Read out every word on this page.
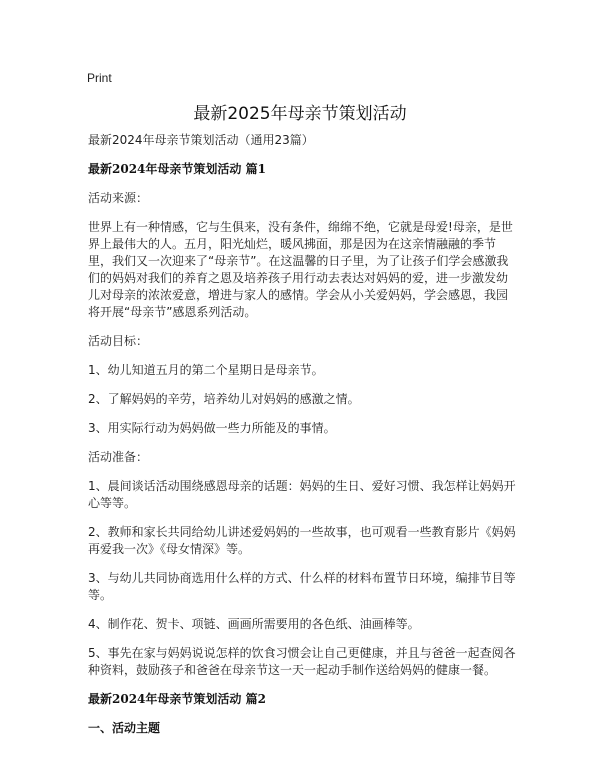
Print
最新2025年母亲节策划活动

最新2024年母亲节策划活动（通用23篇）

最新2024年母亲节策划活动 篇1

活动来源：

世界上有一种情感，它与生俱来，没有条件，绵绵不绝，它就是母爱!母亲，是世界上最伟大的人。五月，阳光灿烂，暖风拂面，那是因为在这亲情融融的季节里，我们又一次迎来了“母亲节”。在这温馨的日子里，为了让孩子们学会感激我们的妈妈对我们的养育之恩及培养孩子用行动去表达对妈妈的爱，进一步激发幼儿对母亲的浓浓爱意，增进与家人的感情。学会从小关爱妈妈，学会感恩，我园将开展“母亲节”感恩系列活动。

活动目标：

1、幼儿知道五月的第二个星期日是母亲节。

2、了解妈妈的辛劳，培养幼儿对妈妈的感激之情。

3、用实际行动为妈妈做一些力所能及的事情。

活动准备：

1、晨间谈话活动围绕感恩母亲的话题：妈妈的生日、爱好习惯、我怎样让妈妈开心等等。

2、教师和家长共同给幼儿讲述爱妈妈的一些故事，也可观看一些教育影片《妈妈再爱我一次》《母女情深》等。

3、与幼儿共同协商选用什么样的方式、什么样的材料布置节日环境，编排节目等等。

4、制作花、贺卡、项链、画画所需要用的各色纸、油画棒等。

5、事先在家与妈妈说说怎样的饮食习惯会让自己更健康，并且与爸爸一起查阅各种资料，鼓励孩子和爸爸在母亲节这一天一起动手制作送给妈妈的健康一餐。

最新2024年母亲节策划活动 篇2

一、活动主题
